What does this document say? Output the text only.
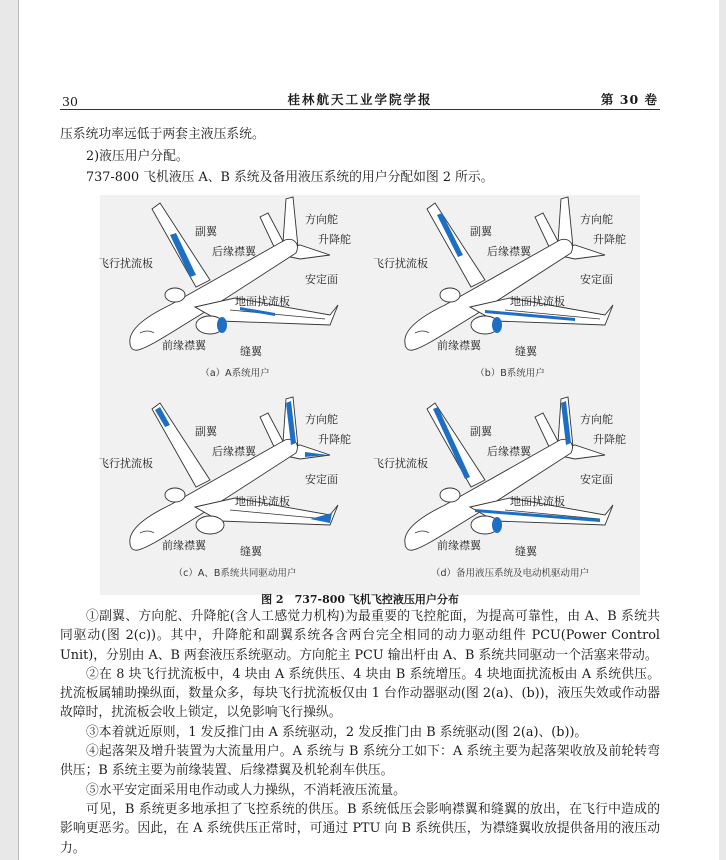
30	桂林航天工业学院学报	第 30 卷

压系统功率远低于两套主液压系统。

2)液压用户分配。

737-800 飞机液压 A、B 系统及备用液压系统的用户分配如图 2 所示。

副翼
飞行扰流板
后缘襟翼
方向舵
升降舵
安定面
地面扰流板
前缘襟翼	缝翼
（a）A系统用户
副翼
飞行扰流板
后缘襟翼
方向舵
升降舵
安定面
地面扰流板
前缘襟翼	缝翼
（b）B系统用户
副翼
飞行扰流板
后缘襟翼
方向舵
升降舵
安定面
地面扰流板
前缘襟翼	缝翼
（c）A、B系统共同驱动用户
副翼
飞行扰流板
后缘襟翼
方向舵
升降舵
安定面
地面扰流板
前缘襟翼	缝翼
（d）备用液压系统及电动机驱动用户
图 2　737-800 飞机飞控液压用户分布

①副翼、方向舵、升降舵(含人工感觉力机构)为最重要的飞控舵面，为提高可靠性，由 A、B 系统共同驱动(图 2(c))。其中，升降舵和副翼系统各含两台完全相同的动力驱动组件 PCU(Power Control Unit)，分别由 A、B 两套液压系统驱动。方向舵主 PCU 输出杆由 A、B 系统共同驱动一个活塞来带动。

②在 8 块飞行扰流板中，4 块由 A 系统供压、4 块由 B 系统增压。4 块地面扰流板由 A 系统供压。扰流板属辅助操纵面，数量众多，每块飞行扰流板仅由 1 台作动器驱动(图 2(a)、(b))，液压失效或作动器故障时，扰流板会收上锁定，以免影响飞行操纵。

③本着就近原则，1 发反推门由 A 系统驱动，2 发反推门由 B 系统驱动(图 2(a)、(b))。

④起落架及增升装置为大流量用户。A 系统与 B 系统分工如下：A 系统主要为起落架收放及前轮转弯供压；B 系统主要为前缘装置、后缘襟翼及机轮刹车供压。

⑤水平安定面采用电作动或人力操纵，不消耗液压流量。

可见，B 系统更多地承担了飞控系统的供压。B 系统低压会影响襟翼和缝翼的放出，在飞行中造成的影响更恶劣。因此，在 A 系统供压正常时，可通过 PTU 向 B 系统供压，为襟缝翼收放提供备用的液压动力。
